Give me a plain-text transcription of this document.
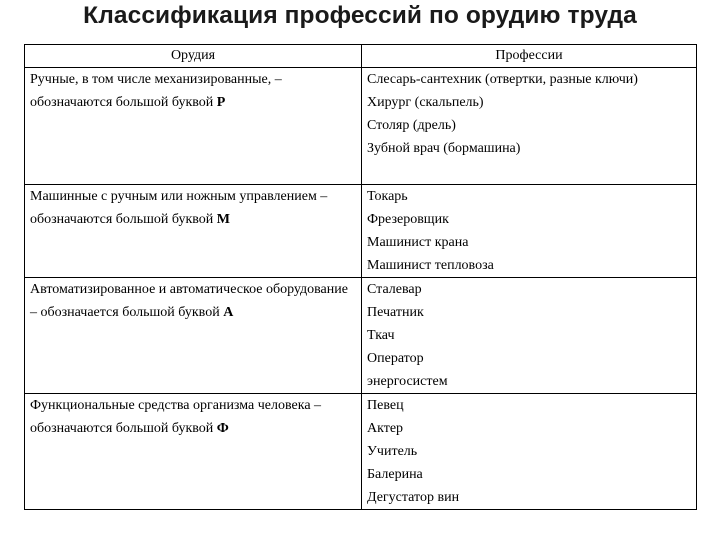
Классификация профессий по орудию труда
Орудия	Профессии
Ручные, в том числе механизированные, – обозначаются большой буквой Р	Слесарь-сантехник (отвертки, разные ключи)
Хирург (скальпель)
Столяр (дрель)
Зубной врач (бормашина)

Машинные с ручным или ножным управлением – обозначаются большой буквой М	Токарь
Фрезеровщик
Машинист крана
Машинист тепловоза

Автоматизированное и автоматическое оборудование – обозначается большой буквой А	Сталевар
Печатник
Ткач
Оператор
энергосистем

Функциональные средства организма человека – обозначаются большой буквой Ф	Певец
Актер
Учитель
Балерина
Дегустатор вин
